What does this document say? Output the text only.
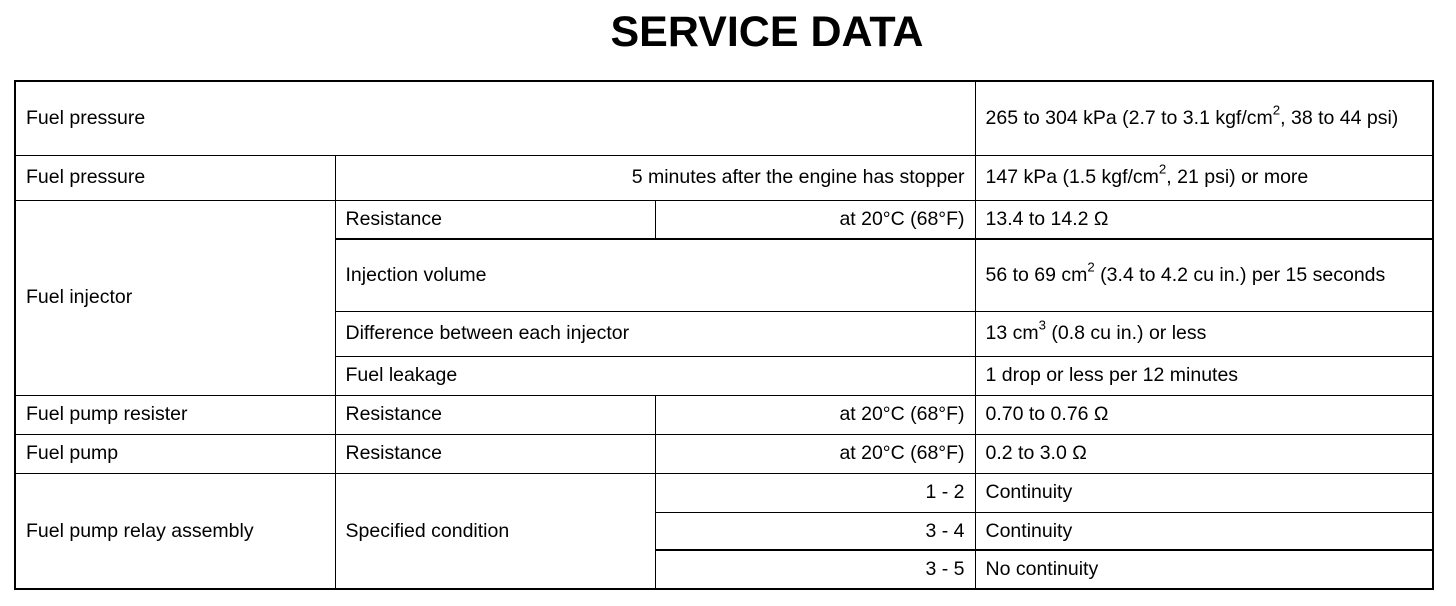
SERVICE DATA
Fuel pressure			265 to 304 kPa (2.7 to 3.1 kgf/$cm^2$, 38 to 44 psi)
Fuel pressure	5 minutes after the engine has stopper		147 kPa (1.5 kgf/$cm^2$, 21 psi) or more
Fuel injector	Resistance	at 20°C (68°F)	13.4 to 14.2 Ω
	Injection volume		56 to 69 $cm^2$ (3.4 to 4.2 cu in.) per 15 seconds
	Difference between each injector		13 $cm^3$ (0.8 cu in.) or less
	Fuel leakage		1 drop or less per 12 minutes
Fuel pump resister	Resistance	at 20°C (68°F)	0.70 to 0.76 Ω
Fuel pump	Resistance	at 20°C (68°F)	0.2 to 3.0 Ω
Fuel pump relay assembly	Specified condition	1 - 2	Continuity
		3 - 4	Continuity
		3 - 5	No continuity
